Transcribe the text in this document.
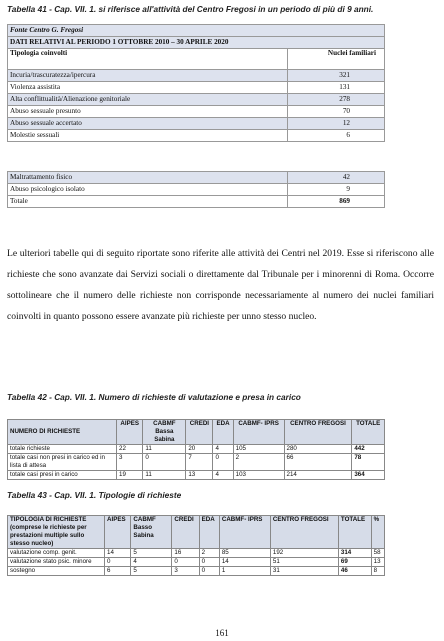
Tabella 41 - Cap. VII. 1. si riferisce all'attività del Centro Fregosi in un periodo di più di 9 anni.
Fonte Centro G. Fregosi	
DATI RELATIVI AL PERIODO 1 OTTOBRE 2010 – 30 APRILE 2020	
Tipologia coinvolti	Nuclei familiari
Incuria/trascuratezza/ipercura	321
Violenza assistita	131
Alta conflittualità/Alienazione genitoriale	278
Abuso sessuale presunto	70
Abuso sessuale accertato	12
Molestie sessuali	6
Maltrattamento fisico	42
Abuso psicologico isolato	9
Totale	869
Le ulteriori tabelle qui di seguito riportate sono riferite alle attività dei Centri nel 2019. Esse si riferiscono alle richieste che sono avanzate dai Servizi sociali o direttamente dal Tribunale per i minorenni di Roma. Occorre sottolineare che il numero delle richieste non corrisponde necessariamente al numero dei nuclei familiari coinvolti in quanto possono essere avanzate più richieste per unno stesso nucleo.
Tabella 42 - Cap. VII. 1. Numero di richieste di valutazione e presa in carico
NUMERO DI RICHIESTE	AIPES	CABMF Bassa Sabina	CREDI	EDA	CABMF- IPRS	CENTRO FREGOSI	TOTALE
totale richieste	22	11	20	4	105	280	442
totale casi non presi in carico ed in lista di attesa	3	0	7	0	2	66	78
totale casi presi in carico	19	11	13	4	103	214	364
Tabella 43 - Cap. VII. 1. Tipologie di richieste
TIPOLOGIA DI RICHIESTE (comprese le richieste per prestazioni multiple sullo stesso nucleo)	AIPES	CABMF Basso Sabina	CREDI	EDA	CABMF- IPRS	CENTRO FREGOSI	TOTALE	%
valutazione comp. genit.	14	5	16	2	85	192	314	58
valutazione stato psic. minore	0	4	0	0	14	51	69	13
sostegno	6	5	3	0	1	31	46	8
161
